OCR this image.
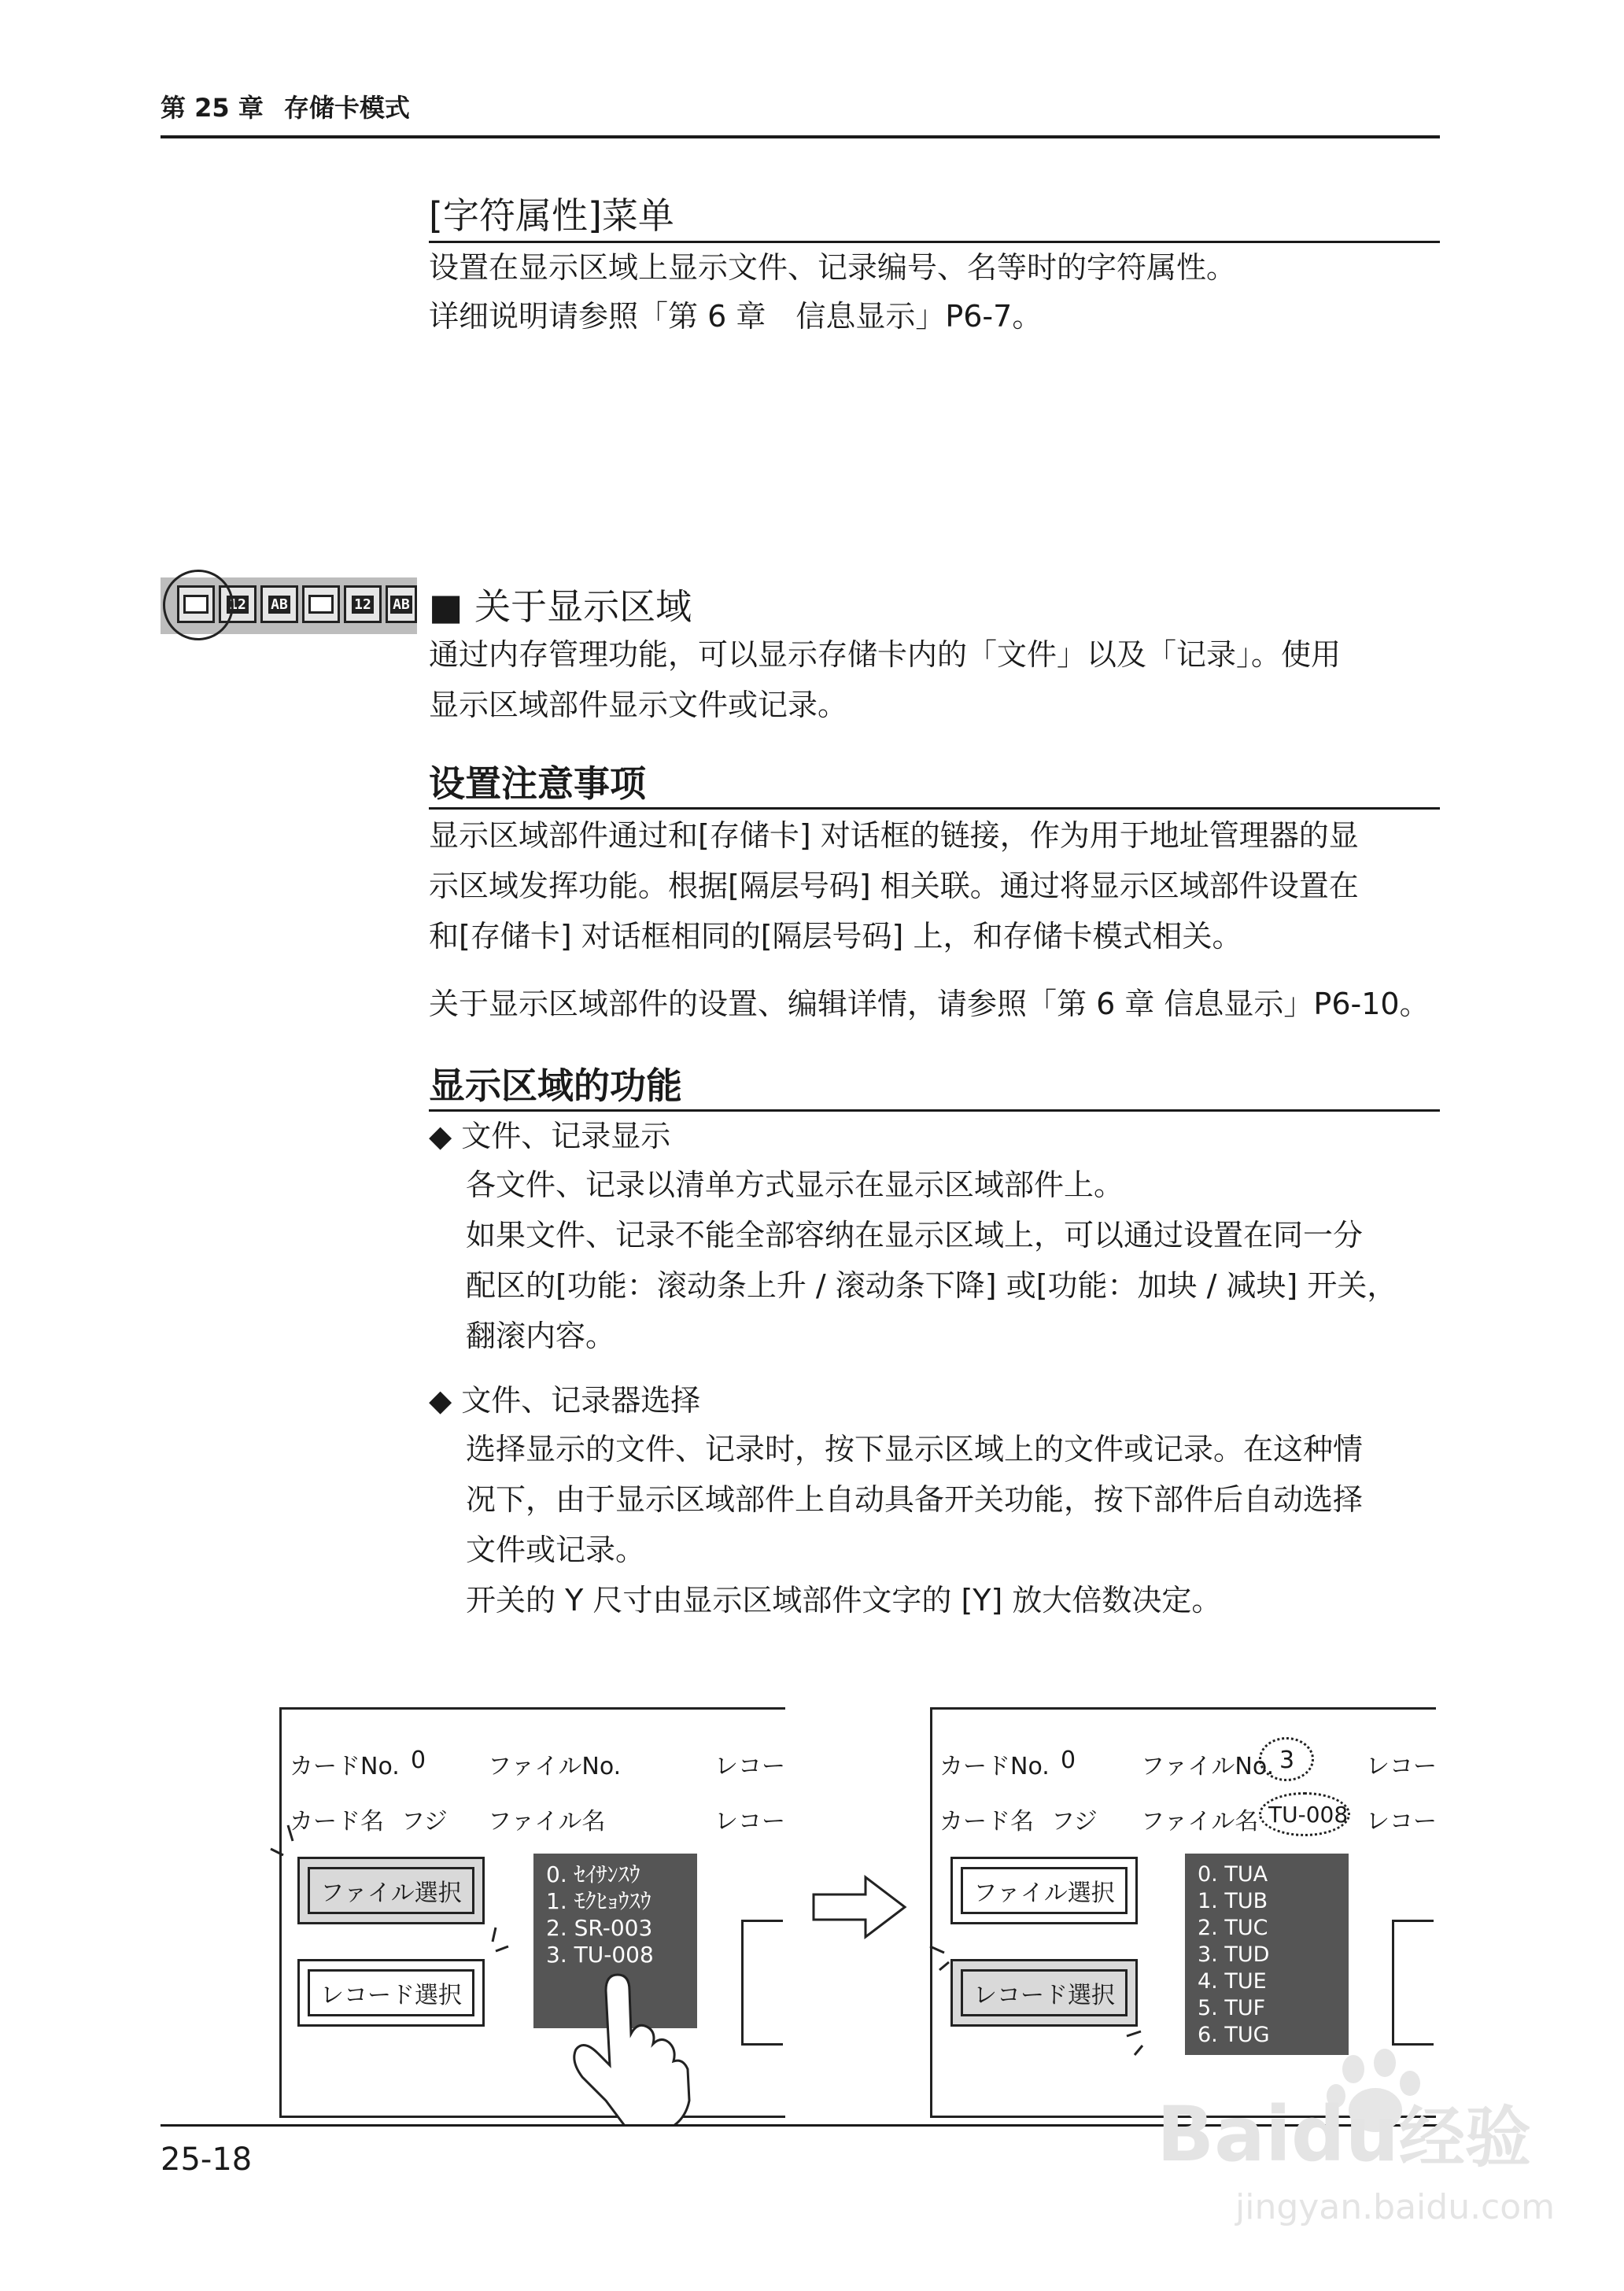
第 25 章 存储卡模式
[字符属性]菜单
设置在显示区域上显示文件、记录编号、名等时的字符属性。
详细说明请参照「第 6 章　信息显示」P6-7。
12 AB	12 AB ■ 关于显示区域
通过内存管理功能，可以显示存储卡内的「文件」以及「记录」。使用
显示区域部件显示文件或记录。
设置注意事项
显示区域部件通过和[存储卡] 对话框的链接，作为用于地址管理器的显
示区域发挥功能。根据[隔层号码] 相关联。通过将显示区域部件设置在
和[存储卡] 对话框相同的[隔层号码] 上，和存储卡模式相关。
关于显示区域部件的设置、编辑详情，请参照「第 6 章 信息显示」P6-10。
显示区域的功能
◆ 文件、记录显示
各文件、记录以清单方式显示在显示区域部件上。
如果文件、记录不能全部容纳在显示区域上，可以通过设置在同一分
配区的[功能：滚动条上升 / 滚动条下降] 或[功能：加块 / 减块] 开关，
翻滚内容。
◆ 文件、记录器选择
选择显示的文件、记录时，按下显示区域上的文件或记录。在这种情
况下，由于显示区域部件上自动具备开关功能，按下部件后自动选择
文件或记录。
开关的 Y 尺寸由显示区域部件文字的 [Y] 放大倍数决定。
カードNo. 0	ファイルNo.	レコー
カード名 フジ ファイル名	レコー
ファイル選択
レコード選択
0. ｾｲｻﾝｽｳ
1. ﾓｸﾋｮｳｽｳ
2. SR-003
3. TU-008
カードNo. 0	ファイルNo. 3	レコー
カード名 フジ ファイル名 TU-008 レコー
ファイル選択
レコード選択
0. TUA
1. TUB
2. TUC
3. TUD
4. TUE
5. TUF
6. TUG
25-18	Baidu经验
jingyan.baidu.com
